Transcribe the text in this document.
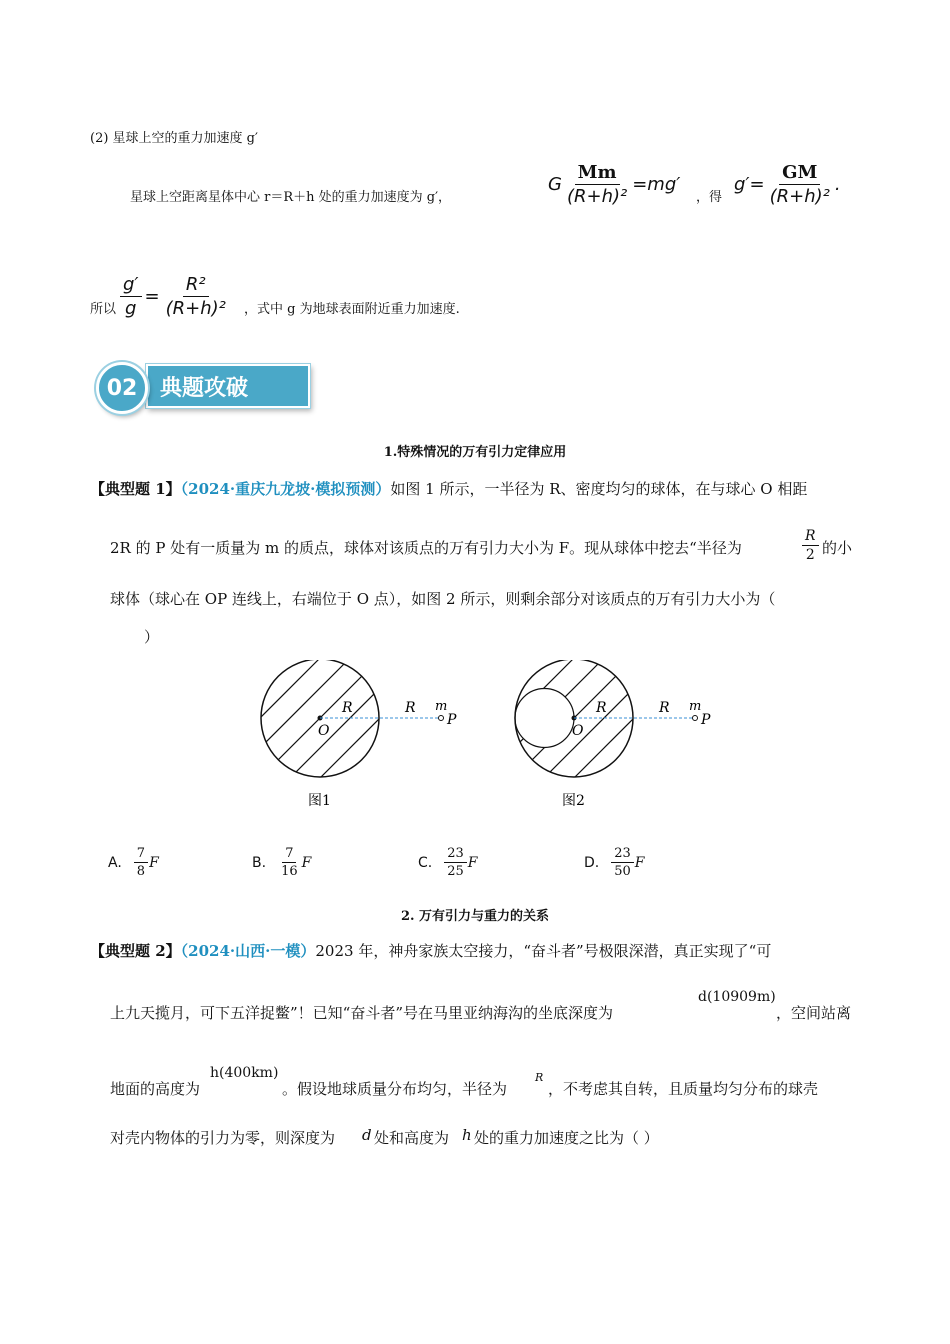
(2) 星球上空的重力加速度 g′
星球上空距离星体中心 r＝R＋h 处的重力加速度为 g′，
G $\frac{Mm}{\text{(R+h)²}} =mg'$
，得
$g'= \frac{GM}{\text{(R+h)²}}$ .
所以 $\frac{g'}{g} = \frac{\text{R²}}{\text{(R+h)²}}$ ，式中 g 为地球表面附近重力加速度.
典题攻破
02
1.特殊情况的万有引力定律应用
【典型题 1】（2024·重庆九龙坡·模拟预测）如图 1 所示，一半径为 R、密度均匀的球体，在与球心 O 相距
2R 的 P 处有一质量为 m 的质点，球体对该质点的万有引力大小为 F。现从球体中挖去“半径为	$\frac{R}{2}$ 的小
球体（球心在 OP 连线上，右端位于 O 点），如图 2 所示，则剩余部分对该质点的万有引力大小为（
）
O
R	R m
P
图1
O
R	R m
P
图2
A. $\frac{7}{8}$ F	B. $\frac{7}{16}$ F	C. $\frac{23}{25}$ F	D. $\frac{23}{50}$ F
2. 万有引力与重力的关系
【典型题 2】（2024·山西·一模）2023 年，神舟家族太空接力，“奋斗者”号极限深潜，真正实现了“可
上九天揽月，可下五洋捉鳖”！已知“奋斗者”号在马里亚纳海沟的坐底深度为
d(10909m)
，空间站离
地面的高度为
h(400km)
。假设地球质量分布均匀，半径为
R
，不考虑其自转，且质量均匀分布的球壳
对壳内物体的引力为零，则深度为 d 处和高度为 h 处的重力加速度之比为（ ）
